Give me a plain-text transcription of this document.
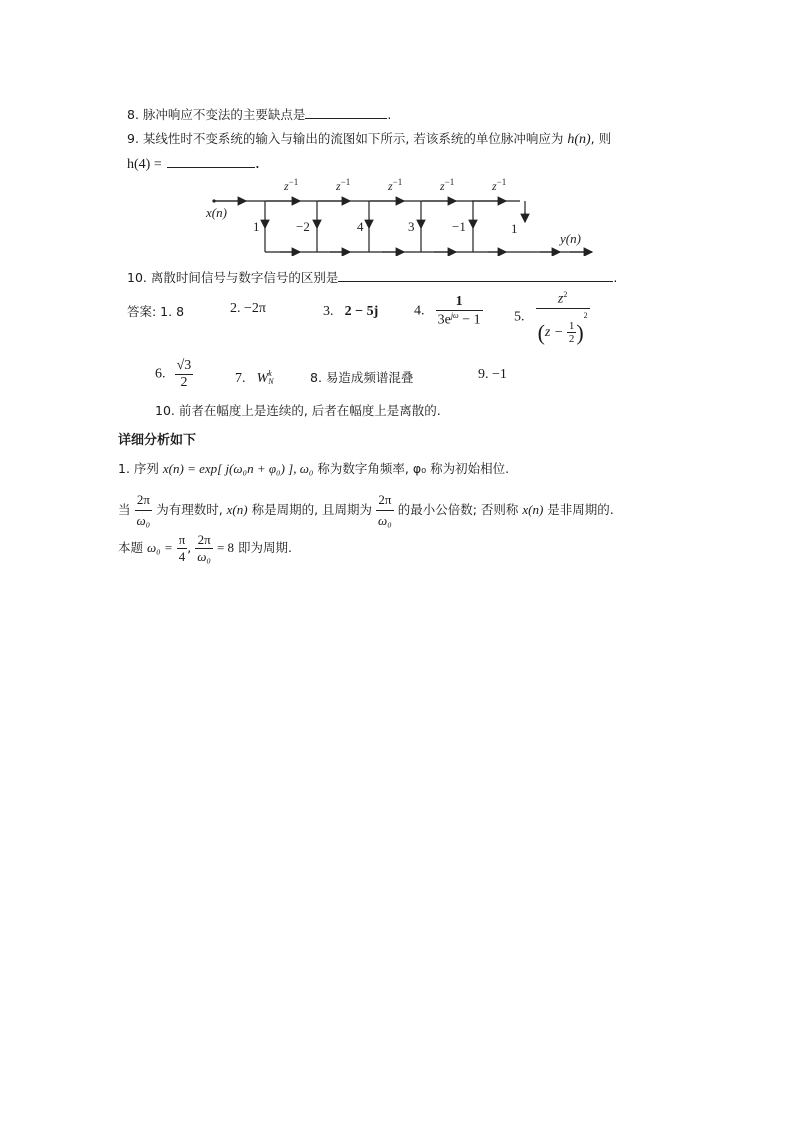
8. 脉冲响应不变法的主要缺点是	.
9. 某线性时不变系统的输入与输出的流图如下所示, 若该系统的单位脉冲响应为 h(n), 则
h(4) =	.
$z^{-1}$	$z^{-1}$	$z^{-1}$	$z^{-1}$	$z^{-1}$
1	−2	4	3	−1	1
x(n)
y(n)
10. 离散时间信号与数字信号的区别是	.
答案: 1. 8	2. −2π	3. 2 − 5j	4. $\frac{1}{3e^{j\omega} - 1} 5$. $\frac{z^2}{(z - \frac{1}{2} )^2}$
6. $\frac{√3}{2}$	7. W k
N	8. 易造成频谱混叠	9. −1
10. 前者在幅度上是连续的, 后者在幅度上是离散的.
详细分析如下
1. 序列 x(n) = exp[ j(ω₀n + φ₀) ], ω₀ 称为数字角频率, φ₀ 称为初始相位.
当 $\frac{2\pi}{\text{ω₀}}$ 为有理数时, x(n) 称是周期的, 且周期为 $\frac{2\pi}{\text{ω₀}}$ 的最小公倍数; 否则称 x(n) 是非周期的.
本题 $\omega_0 = \frac{\pi}{4}$ , $\frac{2\pi}{\text{ω₀}} = 8$ 即为周期.
